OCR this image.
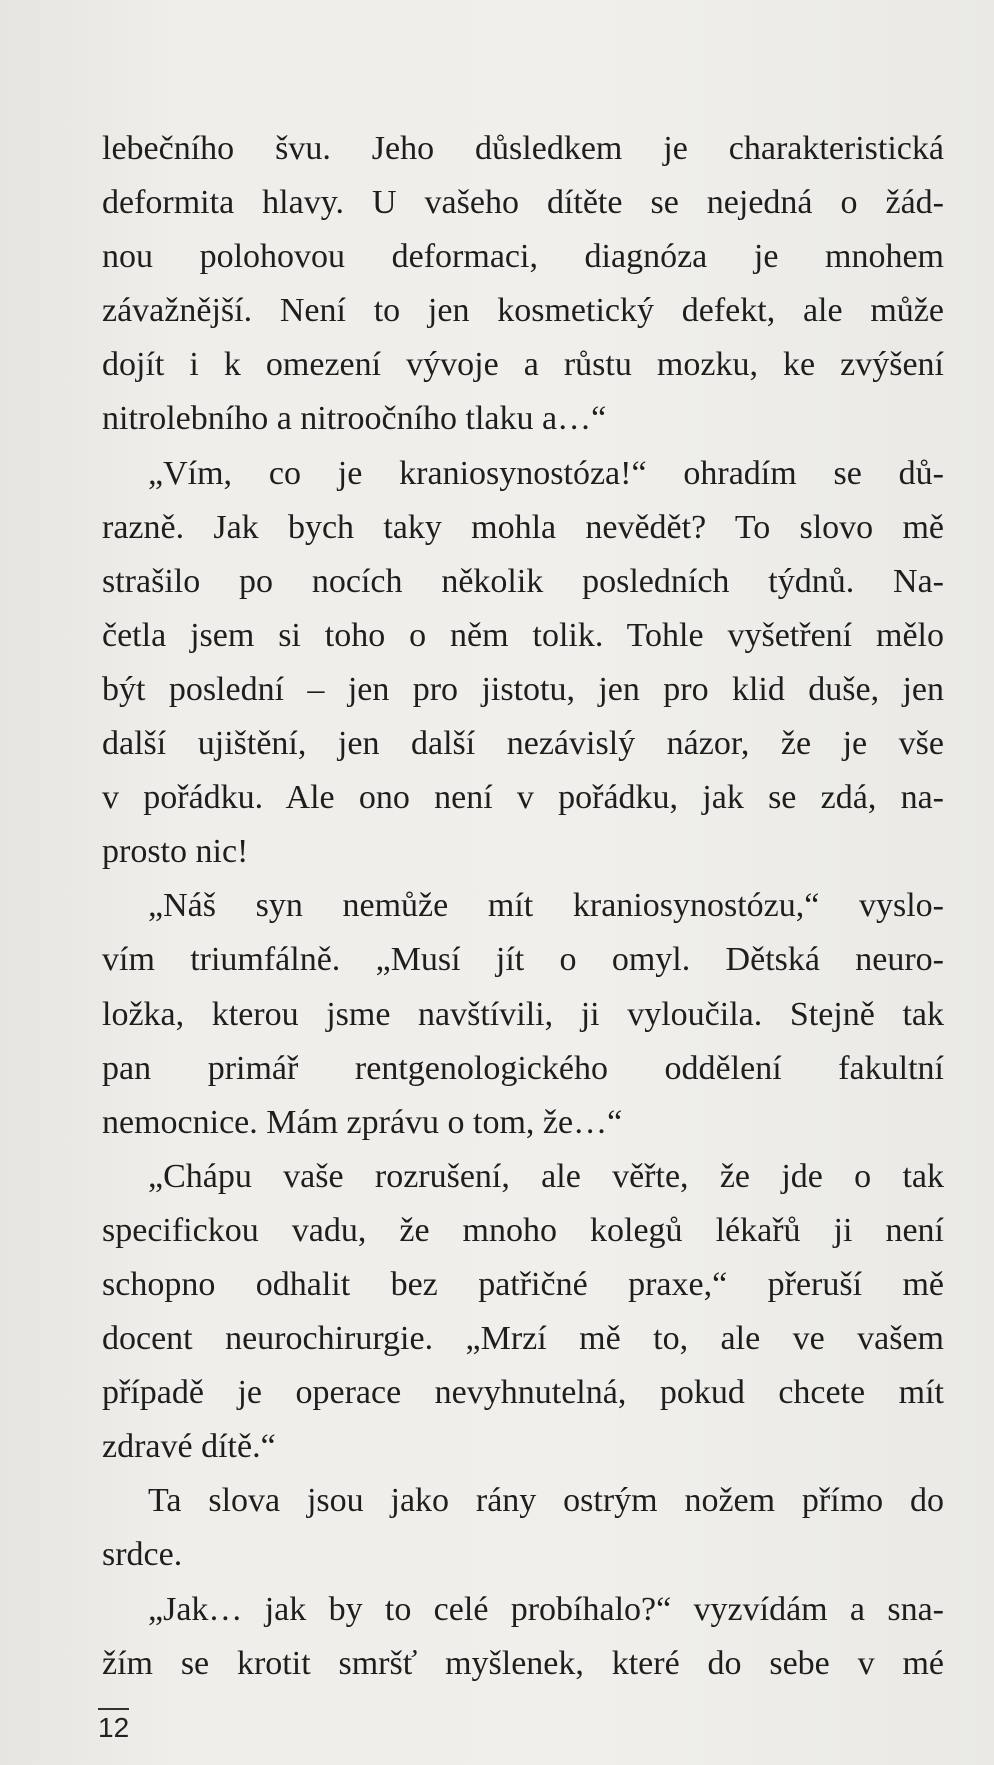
lebečního švu. Jeho důsledkem je charakteristická
deformita hlavy. U vašeho dítěte se nejedná o žád-
nou polohovou deformaci, diagnóza je mnohem
závažnější. Není to jen kosmetický defekt, ale může
dojít i k omezení vývoje a růstu mozku, ke zvýšení
nitrolebního a nitroočního tlaku a…“
„Vím, co je kraniosynostóza!“ ohradím se dů-
razně. Jak bych taky mohla nevědět? To slovo mě
strašilo po nocích několik posledních týdnů. Na-
četla jsem si toho o něm tolik. Tohle vyšetření mělo
být poslední – jen pro jistotu, jen pro klid duše, jen
další ujištění, jen další nezávislý názor, že je vše
v pořádku. Ale ono není v pořádku, jak se zdá, na-
prosto nic!
„Náš syn nemůže mít kraniosynostózu,“ vyslo-
vím triumfálně. „Musí jít o omyl. Dětská neuro-
ložka, kterou jsme navštívili, ji vyloučila. Stejně tak
pan primář rentgenologického oddělení fakultní
nemocnice. Mám zprávu o tom, že…“
„Chápu vaše rozrušení, ale věřte, že jde o tak
specifickou vadu, že mnoho kolegů lékařů ji není
schopno odhalit bez patřičné praxe,“ přeruší mě
docent neurochirurgie. „Mrzí mě to, ale ve vašem
případě je operace nevyhnutelná, pokud chcete mít
zdravé dítě.“
Ta slova jsou jako rány ostrým nožem přímo do
srdce.
„Jak… jak by to celé probíhalo?“ vyzvídám a sna-
žím se krotit smršť myšlenek, které do sebe v mé
12
